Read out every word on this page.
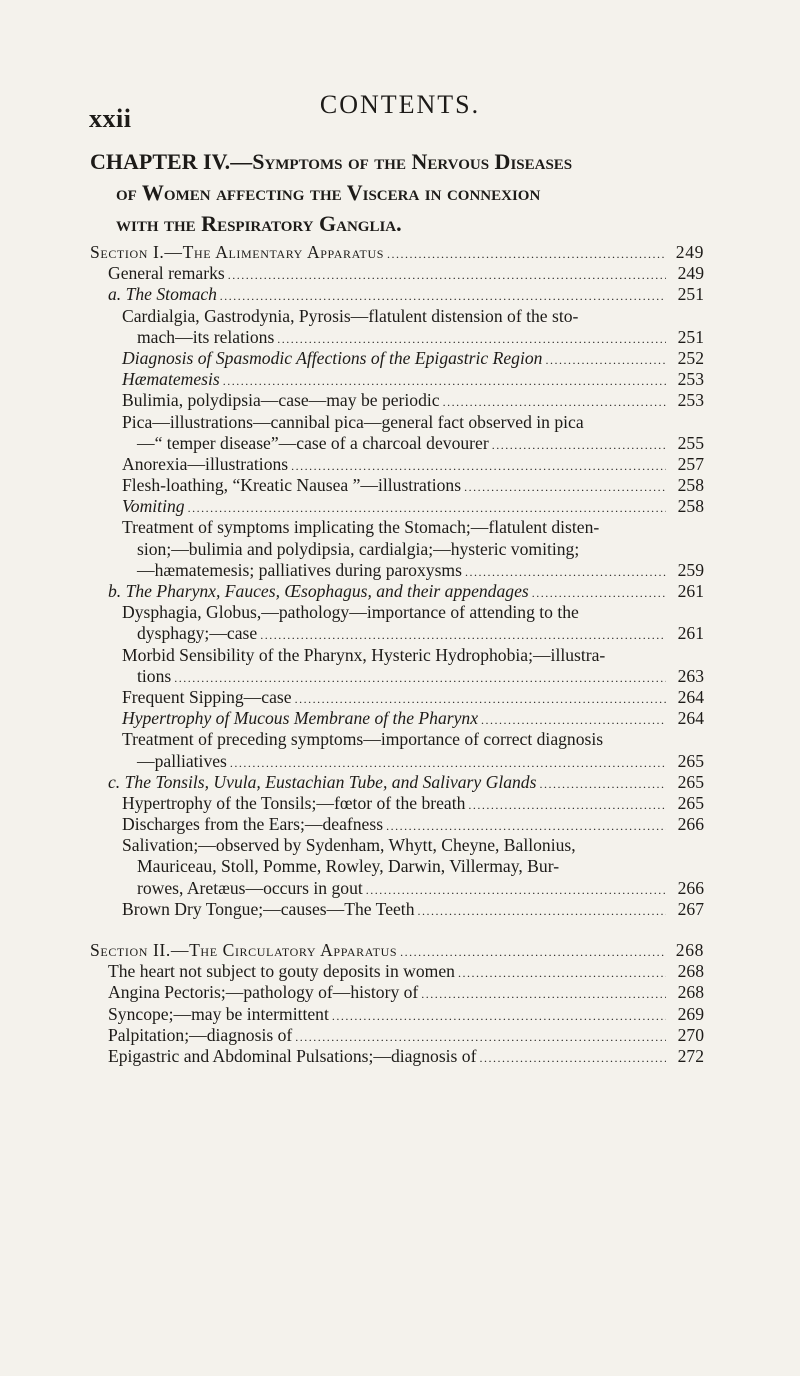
xxii	CONTENTS.
CHAPTER IV.—Symptoms of the Nervous Diseases
of Women affecting the Viscera in connexion
with the Respiratory Ganglia.
Section I.—The Alimentary Apparatus .....	249
General remarks .....	249
a. The Stomach .....	251
Cardialgia, Gastrodynia, Pyrosis—flatulent distension of the sto-
mach—its relations .....	251
Diagnosis of Spasmodic Affections of the Epigastric Region .....	252
Hæmatemesis .....	253
Bulimia, polydipsia—case—may be periodic .....	253
Pica—illustrations—cannibal pica—general fact observed in pica
—“ temper disease”—case of a charcoal devourer .....	255
Anorexia—illustrations .....	257
Flesh-loathing, “Kreatic Nausea ”—illustrations .....	258
Vomiting .....	258
Treatment of symptoms implicating the Stomach;—flatulent disten-
sion;—bulimia and polydipsia, cardialgia;—hysteric vomiting;
—hæmatemesis; palliatives during paroxysms .....	259
b. The Pharynx, Fauces, Œsophagus, and their appendages .....	261
Dysphagia, Globus,—pathology—importance of attending to the
dysphagy;—case .....	261
Morbid Sensibility of the Pharynx, Hysteric Hydrophobia;—illustra-
tions .....	263
Frequent Sipping—case .....	264
Hypertrophy of Mucous Membrane of the Pharynx .....	264
Treatment of preceding symptoms—importance of correct diagnosis
—palliatives .....	265
c. The Tonsils, Uvula, Eustachian Tube, and Salivary Glands .....	265
Hypertrophy of the Tonsils;—fœtor of the breath .....	265
Discharges from the Ears;—deafness .....	266
Salivation;—observed by Sydenham, Whytt, Cheyne, Ballonius,
Mauriceau, Stoll, Pomme, Rowley, Darwin, Villermay, Bur-
rowes, Aretæus—occurs in gout .....	266
Brown Dry Tongue;—causes—The Teeth .....	267
Section II.—The Circulatory Apparatus .....	268
The heart not subject to gouty deposits in women .....	268
Angina Pectoris;—pathology of—history of .....	268
Syncope;—may be intermittent .....	269
Palpitation;—diagnosis of .....	270
Epigastric and Abdominal Pulsations;—diagnosis of .....	272
